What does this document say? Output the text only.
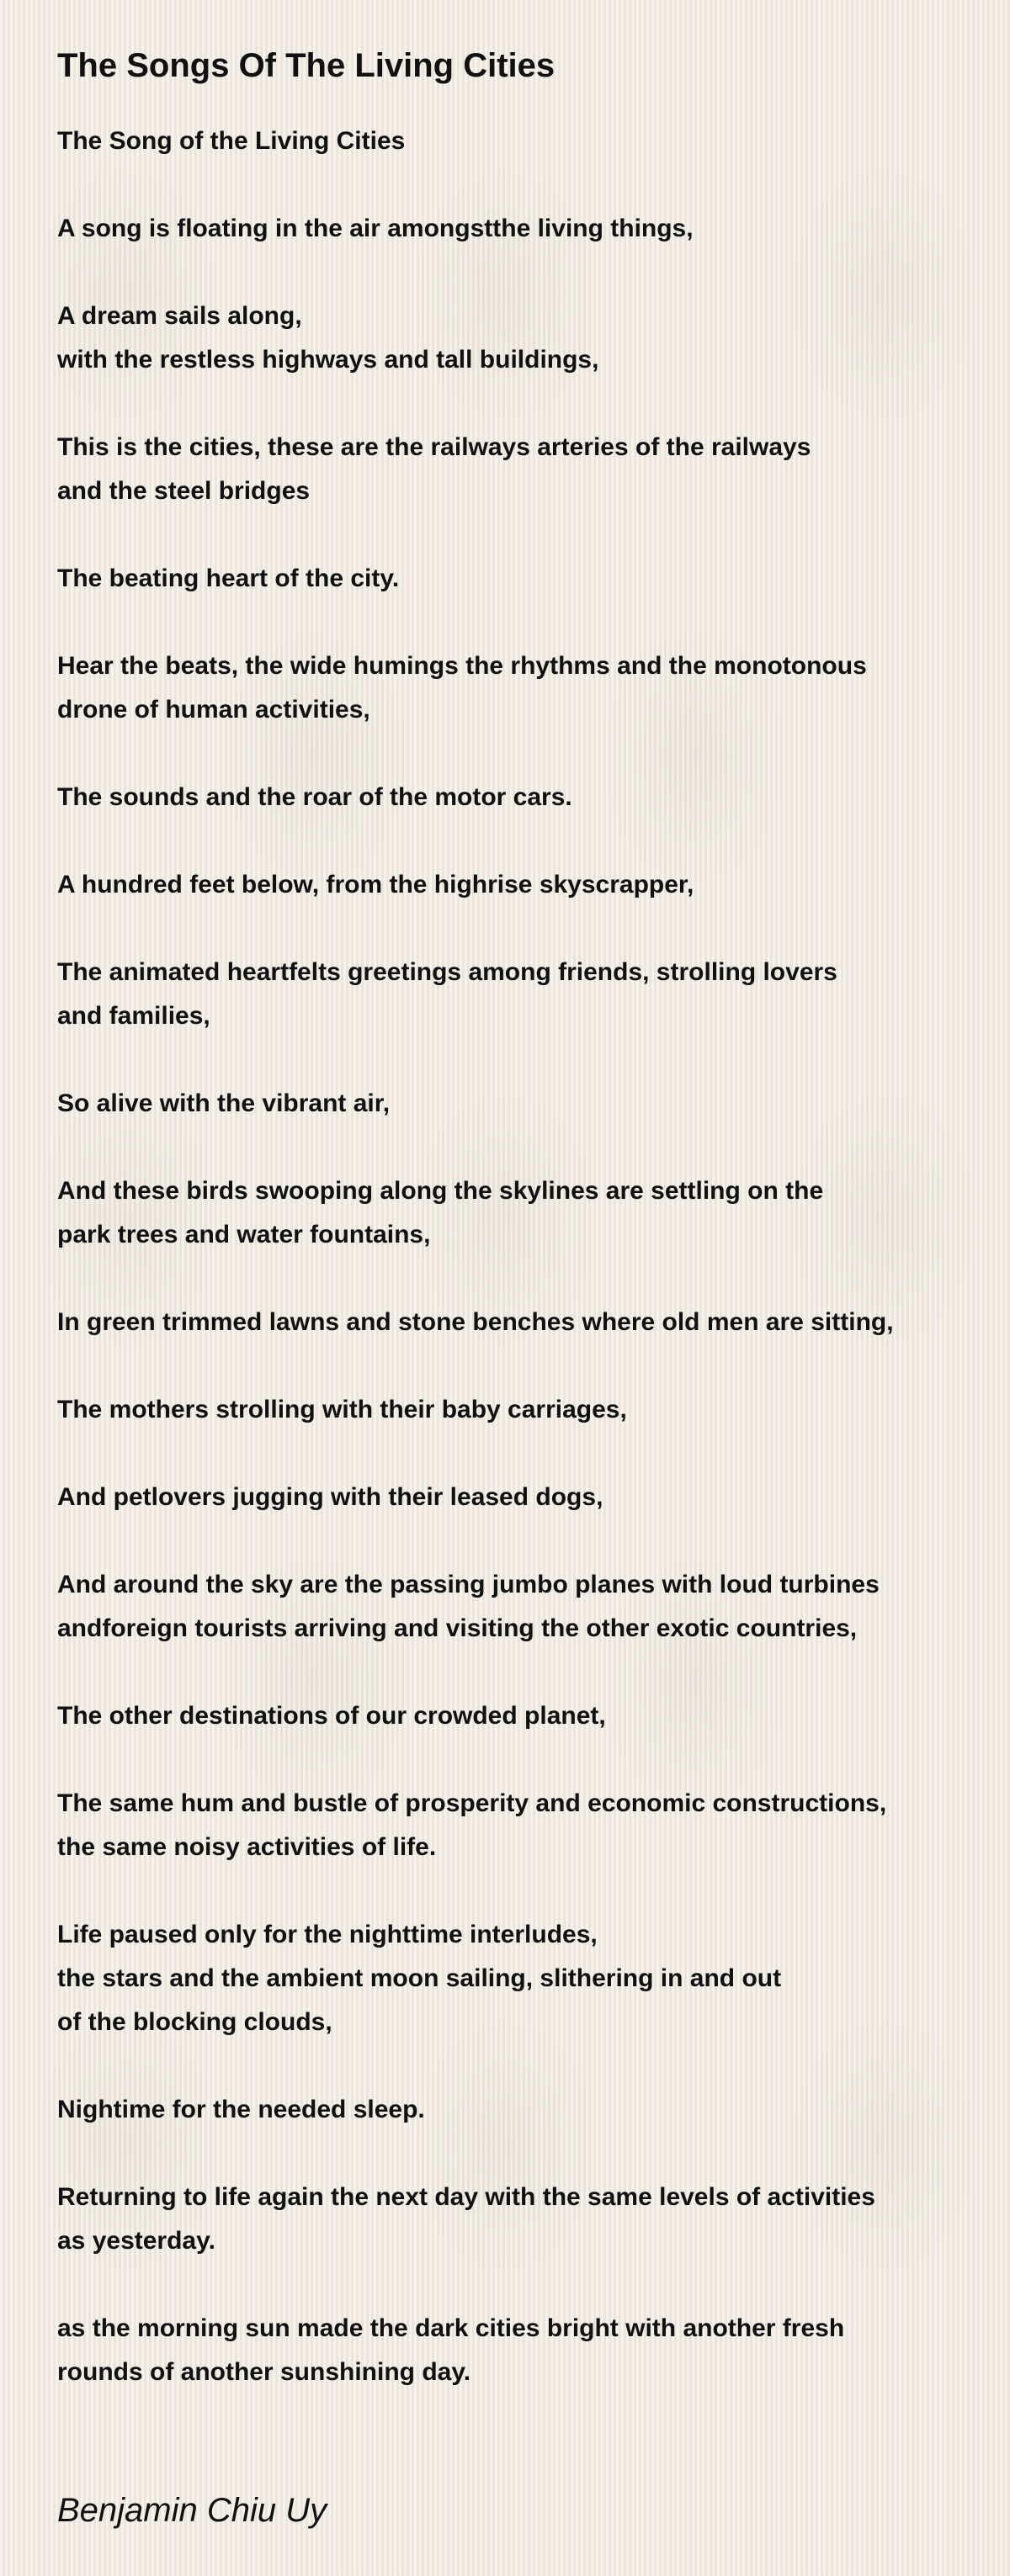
The Songs Of The Living Cities

The Song of the Living Cities

A song is floating in the air amongstthe living things,

A dream sails along,
with the restless highways and tall buildings,

This is the cities, these are the railways arteries of the railways
and the steel bridges

The beating heart of the city.

Hear the beats, the wide humings the rhythms and the monotonous
drone of human activities,

The sounds and the roar of the motor cars.

A hundred feet below, from the highrise skyscrapper,

The animated heartfelts greetings among friends, strolling lovers
and families,

So alive with the vibrant air,

And these birds swooping along the skylines are settling on the
park trees and water fountains,

In green trimmed lawns and stone benches where old men are sitting,

The mothers strolling with their baby carriages,

And petlovers jugging with their leased dogs,

And around the sky are the passing jumbo planes with loud turbines
andforeign tourists arriving and visiting the other exotic countries,

The other destinations of our crowded planet,

The same hum and bustle of prosperity and economic constructions,
the same noisy activities of life.

Life paused only for the nighttime interludes,
the stars and the ambient moon sailing, slithering in and out
of the blocking clouds,

Nightime for the needed sleep.

Returning to life again the next day with the same levels of activities
as yesterday.

as the morning sun made the dark cities bright with another fresh
rounds of another sunshining day.

Benjamin Chiu Uy
